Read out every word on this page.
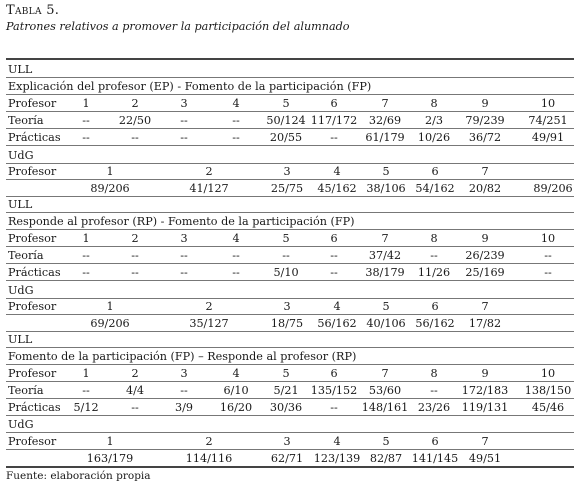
Tabla 5.
Patrones relativos a promover la participación del alumnado
ULL
Explicación del profesor (EP) - Fomento de la participación (FP)
Profesor 1	2	3	4	5	6	7	8	9	10
Teoría	--	22/50	--	-- 50/124 117/172 32/69 2/3 79/239 74/251
Prácticas --	--	--	--	20/55	-- 61/179 10/26 36/72	49/91
UdG
Profesor	1	2	3	4	5	6	7
89/206	41/127	25/75 45/162 38/106 54/162 20/82	89/206
ULL
Responde al profesor (RP) - Fomento de la participación (FP)
Profesor 1	2	3	4	5	6	7	8	9	10
Teoría	--	--	--	--	--	--	37/42	-- 26/239	--
Prácticas --	--	--	--	5/10	-- 38/179 11/26 25/169	--
UdG
Profesor	1	2	3	4	5	6	7
69/206	35/127	18/75 56/162 40/106 56/162 17/82
ULL
Fomento de la participación (FP) – Responde al profesor (RP)
Profesor 1	2	3	4	5	6	7	8	9	10
Teoría	--	4/4	--	6/10 5/21 135/152 53/60	-- 172/183 138/150
Prácticas 5/12	--	3/9 16/20 30/36	-- 148/161 23/26 119/131 45/46
UdG
Profesor	1	2	3	4	5	6	7
163/179	114/116	62/71 123/139 82/87 141/145 49/51
Fuente: elaboración propia
